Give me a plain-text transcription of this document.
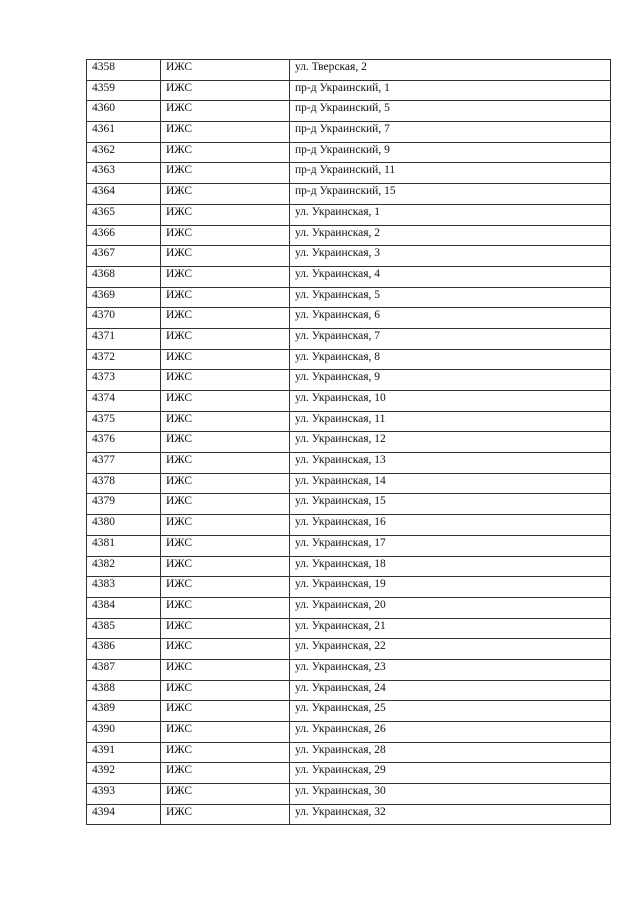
4358	ИЖС	ул. Тверская, 2
4359	ИЖС	пр-д Украинский, 1
4360	ИЖС	пр-д Украинский, 5
4361	ИЖС	пр-д Украинский, 7
4362	ИЖС	пр-д Украинский, 9
4363	ИЖС	пр-д Украинский, 11
4364	ИЖС	пр-д Украинский, 15
4365	ИЖС	ул. Украинская, 1
4366	ИЖС	ул. Украинская, 2
4367	ИЖС	ул. Украинская, 3
4368	ИЖС	ул. Украинская, 4
4369	ИЖС	ул. Украинская, 5
4370	ИЖС	ул. Украинская, 6
4371	ИЖС	ул. Украинская, 7
4372	ИЖС	ул. Украинская, 8
4373	ИЖС	ул. Украинская, 9
4374	ИЖС	ул. Украинская, 10
4375	ИЖС	ул. Украинская, 11
4376	ИЖС	ул. Украинская, 12
4377	ИЖС	ул. Украинская, 13
4378	ИЖС	ул. Украинская, 14
4379	ИЖС	ул. Украинская, 15
4380	ИЖС	ул. Украинская, 16
4381	ИЖС	ул. Украинская, 17
4382	ИЖС	ул. Украинская, 18
4383	ИЖС	ул. Украинская, 19
4384	ИЖС	ул. Украинская, 20
4385	ИЖС	ул. Украинская, 21
4386	ИЖС	ул. Украинская, 22
4387	ИЖС	ул. Украинская, 23
4388	ИЖС	ул. Украинская, 24
4389	ИЖС	ул. Украинская, 25
4390	ИЖС	ул. Украинская, 26
4391	ИЖС	ул. Украинская, 28
4392	ИЖС	ул. Украинская, 29
4393	ИЖС	ул. Украинская, 30
4394	ИЖС	ул. Украинская, 32
